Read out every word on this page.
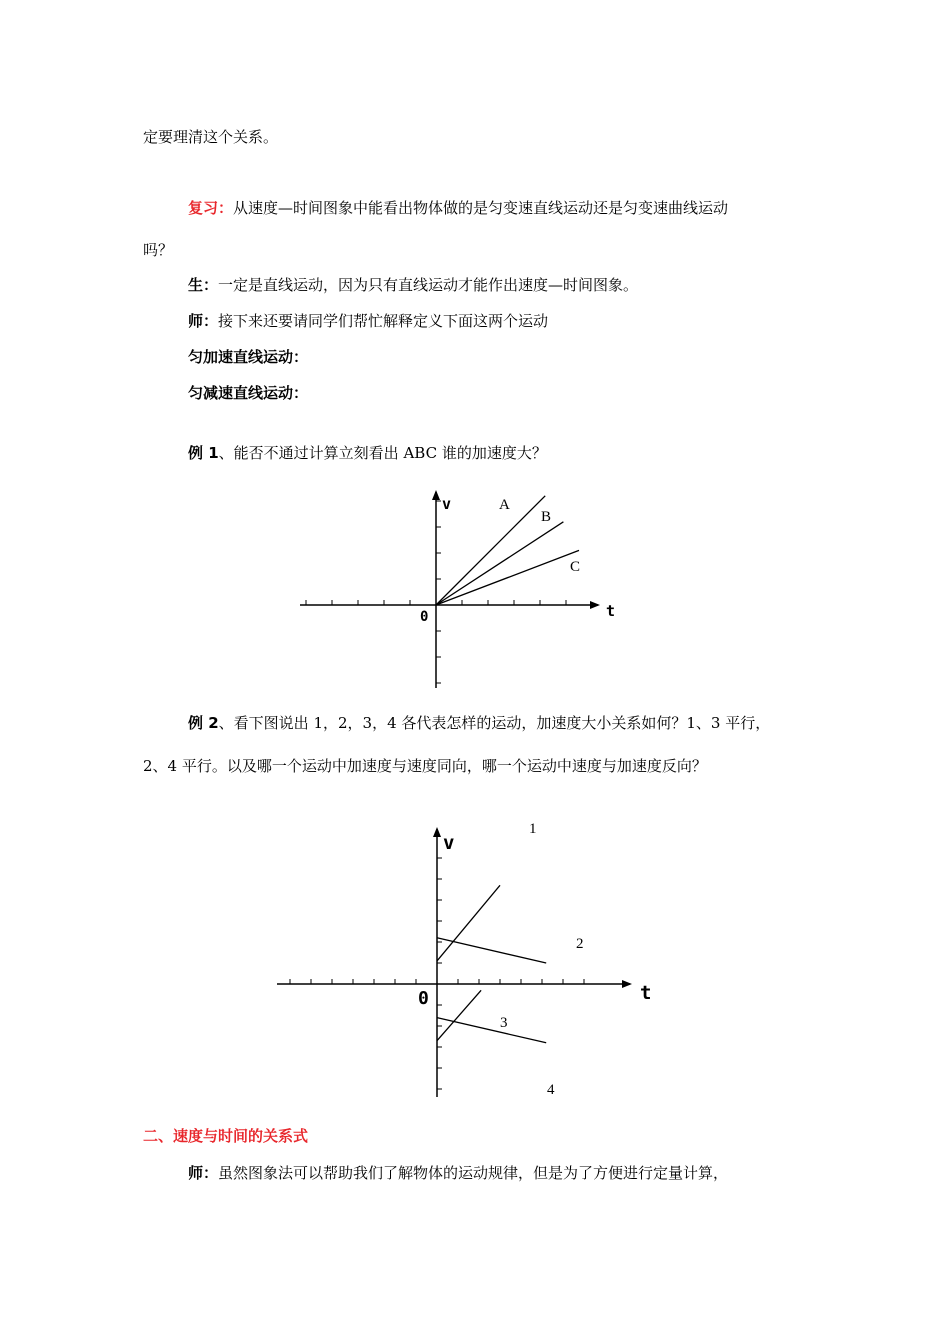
定要理清这个关系。
复习：从速度—时间图象中能看出物体做的是匀变速直线运动还是匀变速曲线运动
吗？
生：一定是直线运动，因为只有直线运动才能作出速度—时间图象。
师：接下来还要请同学们帮忙解释定义下面这两个运动
匀加速直线运动：
匀减速直线运动：
例 1、能否不通过计算立刻看出 ABC 谁的加速度大？
v
t
0
A
B
C
v
t
0
1
2
3
4
例 2、看下图说出 1，2，3，4 各代表怎样的运动，加速度大小关系如何？1、3 平行，
2、4 平行。以及哪一个运动中加速度与速度同向，哪一个运动中速度与加速度反向？
二、速度与时间的关系式
师：虽然图象法可以帮助我们了解物体的运动规律，但是为了方便进行定量计算，
